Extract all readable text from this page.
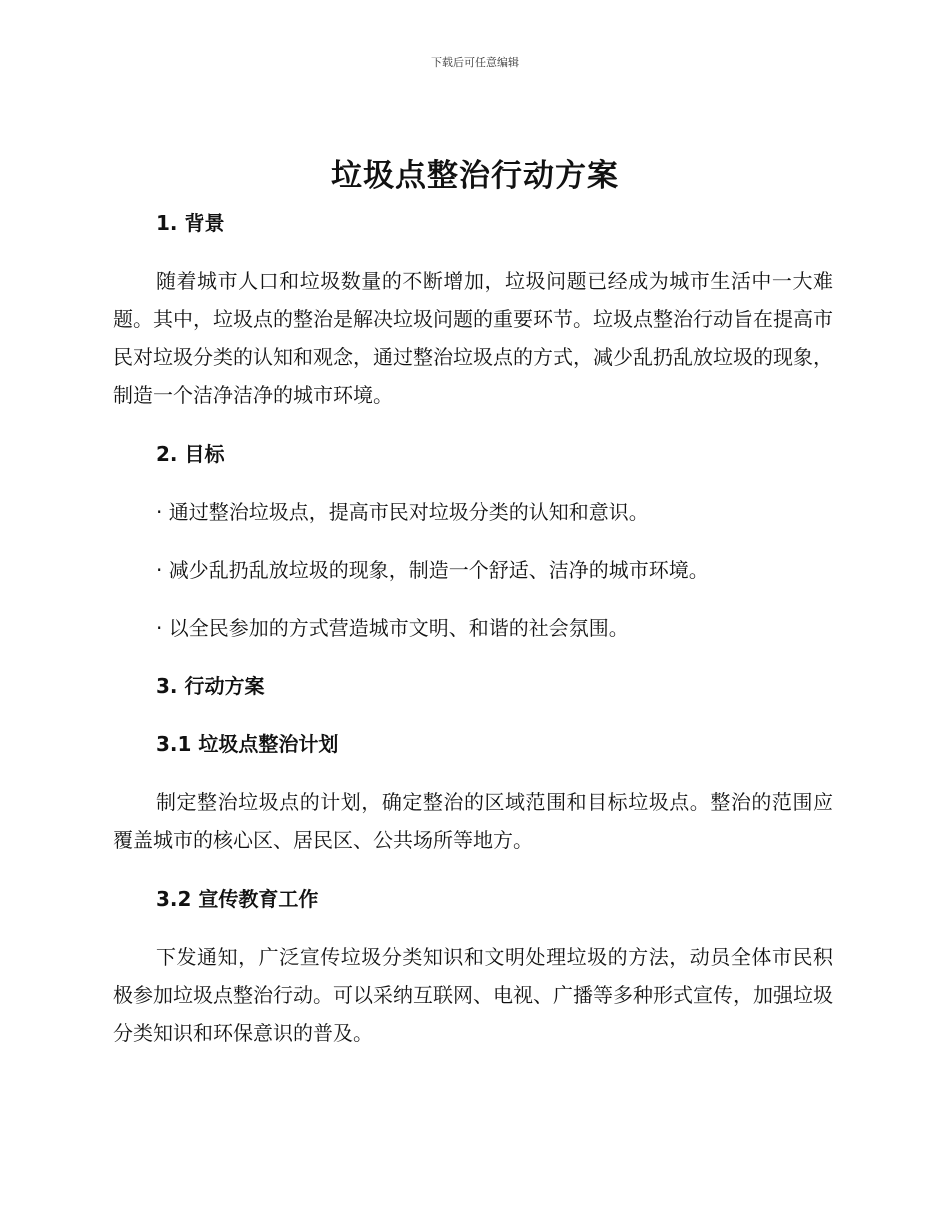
下载后可任意编辑
垃圾点整治行动方案
1. 背景

随着城市人口和垃圾数量的不断增加，垃圾问题已经成为城市生活中一大难题。其中，垃圾点的整治是解决垃圾问题的重要环节。垃圾点整治行动旨在提高市民对垃圾分类的认知和观念，通过整治垃圾点的方式，减少乱扔乱放垃圾的现象，制造一个洁净洁净的城市环境。

2. 目标
· 通过整治垃圾点，提高市民对垃圾分类的认知和意识。
· 减少乱扔乱放垃圾的现象，制造一个舒适、洁净的城市环境。
· 以全民参加的方式营造城市文明、和谐的社会氛围。
3. 行动方案
3.1 垃圾点整治计划

制定整治垃圾点的计划，确定整治的区域范围和目标垃圾点。整治的范围应覆盖城市的核心区、居民区、公共场所等地方。

3.2 宣传教育工作

下发通知，广泛宣传垃圾分类知识和文明处理垃圾的方法，动员全体市民积极参加垃圾点整治行动。可以采纳互联网、电视、广播等多种形式宣传，加强垃圾分类知识和环保意识的普及。
